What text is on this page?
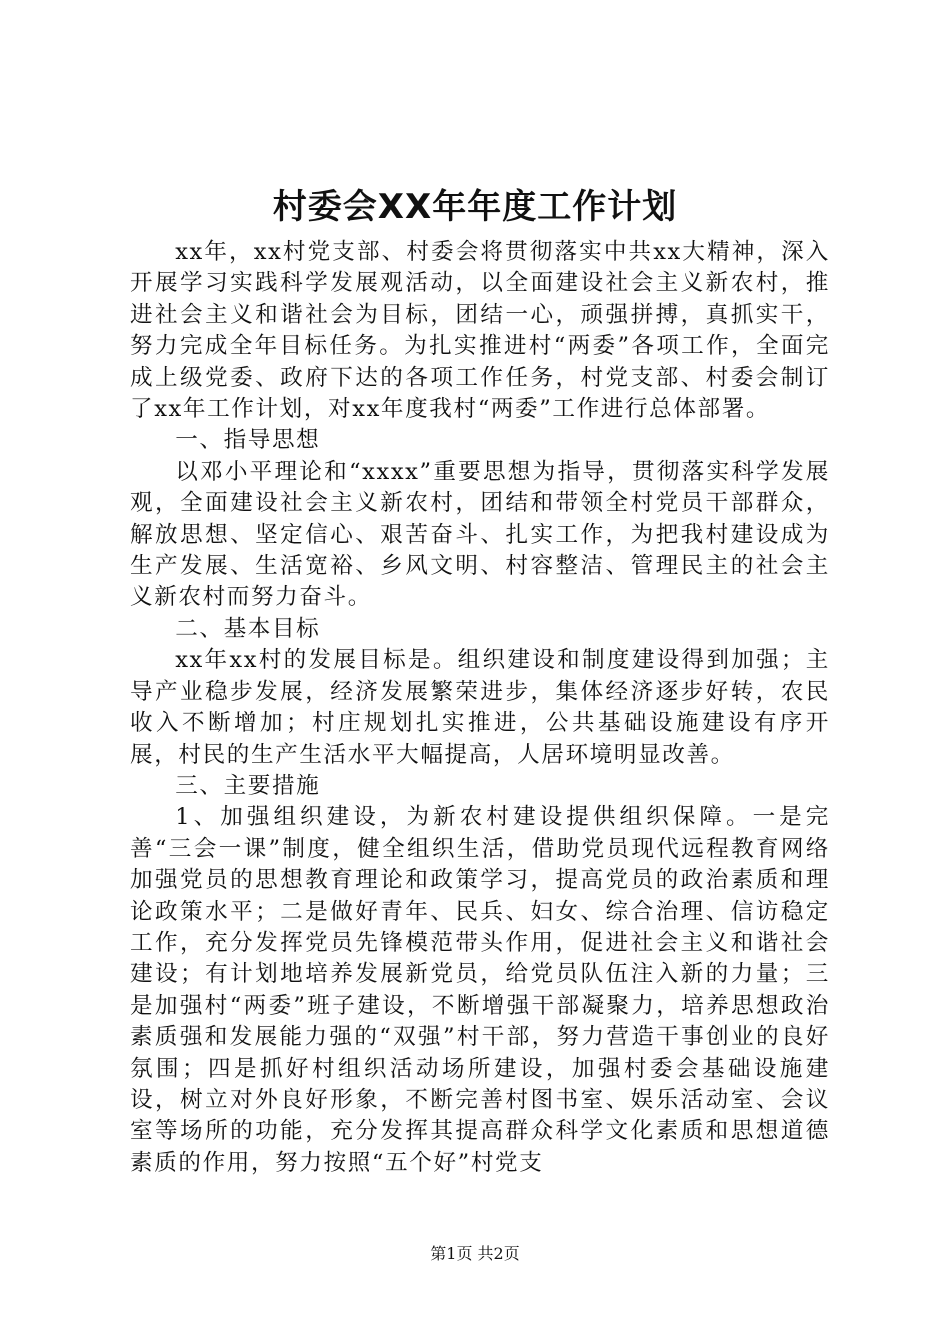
村委会XX年年度工作计划

xx年，xx村党支部、村委会将贯彻落实中共xx大精神，深入开展学习实践科学发展观活动，以全面建设社会主义新农村，推进社会主义和谐社会为目标，团结一心，顽强拼搏，真抓实干，努力完成全年目标任务。为扎实推进村“两委”各项工作，全面完成上级党委、政府下达的各项工作任务，村党支部、村委会制订了xx年工作计划，对xx年度我村“两委”工作进行总体部署。

一、指导思想

以邓小平理论和“xxxx”重要思想为指导，贯彻落实科学发展观，全面建设社会主义新农村，团结和带领全村党员干部群众，解放思想、坚定信心、艰苦奋斗、扎实工作，为把我村建设成为生产发展、生活宽裕、乡风文明、村容整洁、管理民主的社会主义新农村而努力奋斗。

二、基本目标

xx年xx村的发展目标是。组织建设和制度建设得到加强；主导产业稳步发展，经济发展繁荣进步，集体经济逐步好转，农民收入不断增加；村庄规划扎实推进，公共基础设施建设有序开展，村民的生产生活水平大幅提高，人居环境明显改善。

三、主要措施

1、加强组织建设，为新农村建设提供组织保障。一是完善“三会一课”制度，健全组织生活，借助党员现代远程教育网络加强党员的思想教育理论和政策学习，提高党员的政治素质和理论政策水平；二是做好青年、民兵、妇女、综合治理、信访稳定工作，充分发挥党员先锋模范带头作用，促进社会主义和谐社会建设；有计划地培养发展新党员，给党员队伍注入新的力量；三是加强村“两委”班子建设，不断增强干部凝聚力，培养思想政治素质强和发展能力强的“双强”村干部，努力营造干事创业的良好氛围；四是抓好村组织活动场所建设，加强村委会基础设施建设，树立对外良好形象，不断完善村图书室、娱乐活动室、会议室等场所的功能，充分发挥其提高群众科学文化素质和思想道德素质的作用，努力按照“五个好”村党支

第1页 共2页
